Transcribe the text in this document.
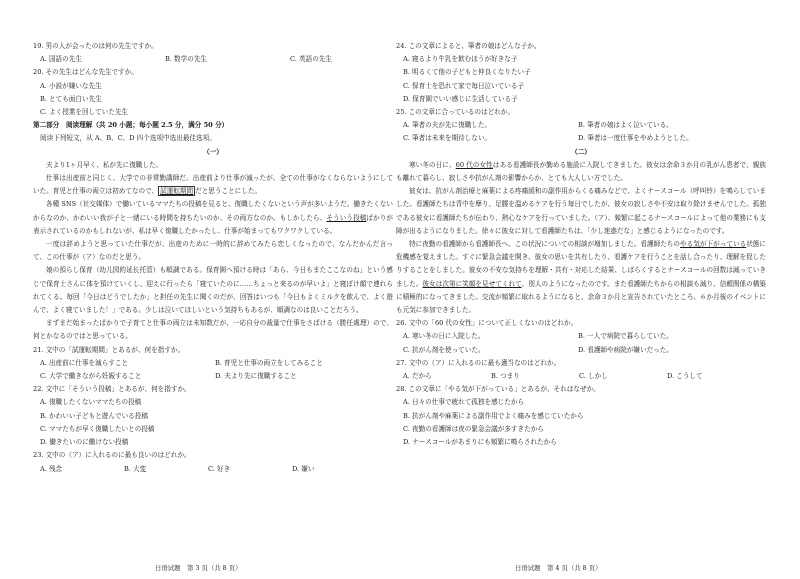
19. 男の人が会ったのは何の先生ですか。

A. 国語の先生	B. 数学の先生	C. 英語の先生

20. その先生はどんな先生ですか。

A. 小説が嫌いな先生

B. とても面白い先生

C. よく授業を回していた先生

第二部分　阅读理解（共 20 小题；每小题 2.5 分，满分 50 分）

阅读下列短文，从 A、B、C、D 四个选项中选出最佳选项。

（一）

夫より1ヶ月早く、私が先に復職した。

仕事は出産前と同じく、大学での非常勤講師だ。出産前より仕事が減ったが、全ての仕事がなくならないようにしていた。育児と仕事の両立は初めてなので、 試運転期間 だと思うことにした。

各種 SNS（社交媒体）で働いているママたちの投稿を見ると、復職したくないという声が多いようだ。働きたくないからなのか、かわいい我が子と一緒にいる時間を持ちたいのか、その両方なのか。もしかしたら、そういう投稿ばかりが表示されているのかもしれないが、私は早く復職したかったし、仕事が始まってもワクワクしている。

一度は辞めようと思っていた仕事だが、出産のために一時的に辞めてみたら恋しくなったので、なんだかんだ言って、この仕事が（ア）なのだと思う。

娘の預らし保育（幼儿园的延长托管）も順調である。保育園へ預ける時は「あら、今日もまたここなのね」という感じで保育士さんに体を預けていくし、迎えに行ったら「寝ていたのに……ちょっと来るのが早いよ」と寝ぼけ顔で連れられてくる。毎回「今日はどうでしたか」と担任の先生に聞くのだが、回答はいつも「今日もよくミルクを飲んで、よく遊んで、よく寝ていました！」である。少しは泣いてほしいという気持ちもあるが、順調なのは良いことだろう。

まずまだ始まったばかりで子育てと仕事の両立は未知数だが、一応自分の裁量で仕事をさばける（勝任處理）ので、何とかなるのではと思っている。

21. 文中の「試運転期間」とあるが、何を指すか。

A. 出産前に仕事を減らすこと	B. 育児と仕事の両立をしてみること
C. 大学で働きながら妊娠すること	D. 夫より先に復職すること

22. 文中に「そういう投稿」とあるが、何を指すか。

A. 復職したくないママたちの投稿

B. かわいい子どもと遊んでいる投稿

C. ママたちが早く復職したいとの投稿

D. 働きたいのに働けない投稿

23. 文中の（ア）に入れるのに最も良いのはどれか。

A. 残念	B. 大変	C. 好き	D. 嫌い

24. この文章によると、筆者の娘はどんな子か。

A. 寝るより牛乳を飲むほうが好きな子

B. 明るくて他の子どもと仲良くなりたい子

C. 保育士を恐れて家で毎日泣いている子

D. 保育園でいい感じに生活している子

25. この文章に合っているのはどれか。

A. 筆者の夫が先に復職した。	B. 筆者の娘はよく泣いている。
C. 筆者は未来を期待しない。	D. 筆者は一度仕事をやめようとした。

（二）

寒い冬の日に、60 代の女性はある看護師長が勤める施設に入院してきました。彼女は余命３か月の乳がん患者で、親族も離れて暮らし、寂しさや抗がん剤の影響からか、とても大人しい方でした。

彼女は、抗がん剤治療と麻薬による疼痛緩和の副作用からくる痛みなどで、よくナースコール（呼叫铃）を鳴らしていました。看護師たちは背中を摩り、足腰を温めるケアを行う毎日でしたが、彼女の寂しさや不安は取り除けませんでした。孤独である彼女に看護師たちが伝わり、熱心なケアを行っていました。（ア）、頻繁に起こるナースコールによって他の業務にも支障が出るようになりました。徐々に彼女に対して看護師たちは、「少し迷惑だな」と感じるようになったのです。

特に夜勤の看護師から看護師長へ、この状況についての相談が増加しました。看護師たちのやる気が下がっている状態に危機感を覚えました。すぐに緊急会議を開き、彼女の思いを共有したり、看護ケアを行うことを話し合ったり、理解を促したりすることをしました。彼女の不安な気持ちを理解・共有・対応した結果、しばらくするとナースコールの回数は減っていきました。彼女は次第に笑顔を見せてくれて、別人のようになったのです。また看護師たちからの相談も減り、信頼関係の構築に積極的になってきました。交流が頻繁に取れるようになると、余命３か月と宣告されていたところ、６か月後のイベントにも元気に参加できました。

26. 文中の「60 代の女性」について正しくないのはどれか。

A. 寒い冬の日に入院した。	B. 一人で病院で暮らしていた。
C. 抗がん剤を使っていた。	D. 看護師や病院が嫌いだった。

27. 文中の（ア）に入れるのに最も適当なのはどれか。

A. だから	B. つまり	C. しかし	D. こうして

28. この文章に「やる気が下がっている」とあるが、それはなぜか。

A. 日々の仕事で疲れて孤独を感じたから

B. 抗がん剤や麻薬による副作用でよく痛みを感じていたから

C. 夜勤の看護師は夜の緊急会議が多すぎたから

D. ナースコールがあまりにも頻繁に鳴らされたから

日语试题　第 3 页（共 8 页）	日语试题　第 4 页（共 8 页）
